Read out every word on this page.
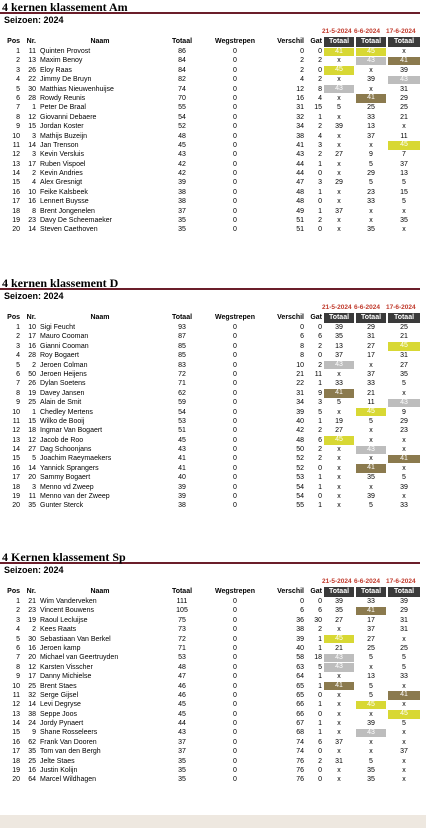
4 kernen klassement Am
Seizoen: 2024
21-5-2024 6-6-2024 17-6-2024
Pos Nr.	Naam	Totaal	Wegstrepen	Verschil Gat Totaal	Totaal	Totaal
1	11 Quinten Provost	86	0	0	0	41	45	x
2	13 Maxim Benoy	84	0	2	2	x	43	41
3	26 Eloy Raas	84	0	2	0	45	x	39
4	22 Jimmy De Bruyn	82	0	4	2	x	39	43
5	30 Matthias Nieuwenhuijse	74	0	12	8	43	x	31
6	28 Rowdy Reunis	70	0	16	4	x	41	29
7	1 Peter De Braal	55	0	31	15	5	25	25
8	12 Giovanni Debaere	54	0	32	1	x	33	21
9	15 Jordan Koster	52	0	34	2	39	13	x
10	3 Mathijs Buzeijn	48	0	38	4	x	37	11
11	14 Jan Trenson	45	0	41	3	x	x	45
12	3 Kevin Versluis	43	0	43	2	27	9	7
13	17 Ruben Vispoel	42	0	44	1	x	5	37
14	2 Kevin Andries	42	0	44	0	x	29	13
15	4 Alex Gresnigt	39	0	47	3	29	5	5
16	10 Feike Kalsbeek	38	0	48	1	x	23	15
17	16 Lennert Buysse	38	0	48	0	x	33	5
18	8 Brent Jongenelen	37	0	49	1	37	x	x
19	23 Davy De Scheemaeker	35	0	51	2	x	x	35
20	14 Steven Caethoven	35	0	51	0	x	35	x
4 kernen klassement D
Seizoen: 2024
21-5-2024 6-6-2024 17-6-2024
Pos Nr.	Naam	Totaal	Wegstrepen	Verschil Gat Totaal	Totaal	Totaal
1	10 Sigi Feucht	93	0	0	0	39	29	25
2	17 Mauro Cooman	87	0	6	6	35	31	21
3	16 Gianni Cooman	85	0	8	2	13	27	45
4	28 Roy Bogaert	85	0	8	0	37	17	31
5	2 Jeroen Colman	83	0	10	2	43	x	27
6	50 Jeroen Heijens	72	0	21	11	x	37	35
7	26 Dylan Soetens	71	0	22	1	33	33	5
8	19 Davey Jansen	62	0	31	9	41	21	x
9	25 Alain de Smit	59	0	34	3	5	11	43
10	1 Chedley Mertens	54	0	39	5	x	45	9
11	15 Wilko de Booij	53	0	40	1	19	5	29
12	18 Ingmar Van Bogaert	51	0	42	2	27	x	23
13	12 Jacob de Roo	45	0	48	6	45	x	x
14	27 Dag Schoonjans	43	0	50	2	x	43	x
15	5 Joachim Raeymaekers	41	0	52	2	x	x	41
16	14 Yannick Sprangers	41	0	52	0	x	41	x
17	20 Sammy Bogaert	40	0	53	1	x	35	5
18	3 Menno vd Zweep	39	0	54	1	x	x	39
19	11 Menno van der Zweep	39	0	54	0	x	39	x
20	35 Gunter Sterck	38	0	55	1	x	5	33
4 Kernen klassement Sp
Seizoen: 2024
21-5-2024 6-6-2024 17-6-2024
Pos Nr.	Naam	Totaal	Wegstrepen	Verschil Gat Totaal	Totaal	Totaal
1	21 Wim Vanderveken	111	0	0	0	39	33	39
2	23 Vincent Bouwens	105	0	6	6	35	41	29
3	19 Raoul Lecluijse	75	0	36	30	27	17	31
4	2 Kees Raats	73	0	38	2	x	37	31
5	30 Sebastiaan Van Berkel	72	0	39	1	45	27	x
6	16 Jeroen kamp	71	0	40	1	21	25	25
7	20 Michael van Geertruyden	53	0	58	18	43	5	5
8	12 Karsten Visscher	48	0	63	5	43	x	5
9	17 Danny Michielse	47	0	64	1	x	13	33
10	25 Brent Staes	46	0	65	1	41	5	x
11	32 Serge Gijsel	46	0	65	0	x	5	41
12	14 Levi Degryse	45	0	66	1	x	45	x
13	38 Seppe Joos	45	0	66	0	x	x	45
14	24 Jordy Pynaert	44	0	67	1	x	39	5
15	9 Shane Rosseleers	43	0	68	1	x	43	x
16	62 Frank Van Dooren	37	0	74	6	37	x	x
17	35 Tom van den Bergh	37	0	74	0	x	x	37
18	25 Jelte Staes	35	0	76	2	31	5	x
19	16 Justin Kolijn	35	0	76	0	x	35	x
20	64 Marcel Wildhagen	35	0	76	0	x	35	x
